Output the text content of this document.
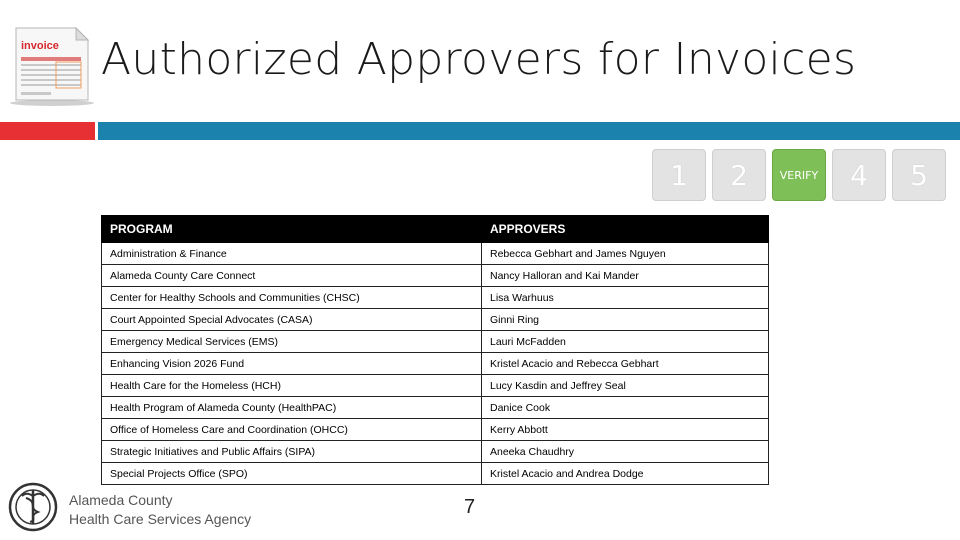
invoice Authorized Approvers for Invoices
1	2	VERIFY	4	5
PROGRAM	APPROVERS
Administration & Finance	Rebecca Gebhart and James Nguyen
Alameda County Care Connect	Nancy Halloran and Kai Mander
Center for Healthy Schools and Communities (CHSC)	Lisa Warhuus
Court Appointed Special Advocates (CASA)	Ginni Ring
Emergency Medical Services (EMS)	Lauri McFadden
Enhancing Vision 2026 Fund	Kristel Acacio and Rebecca Gebhart
Health Care for the Homeless (HCH)	Lucy Kasdin and Jeffrey Seal
Health Program of Alameda County (HealthPAC)	Danice Cook
Office of Homeless Care and Coordination (OHCC)	Kerry Abbott
Strategic Initiatives and Public Affairs (SIPA)	Aneeka Chaudhry
Special Projects Office (SPO)	Kristel Acacio and Andrea Dodge
Alameda County
Health Care Services Agency
7
